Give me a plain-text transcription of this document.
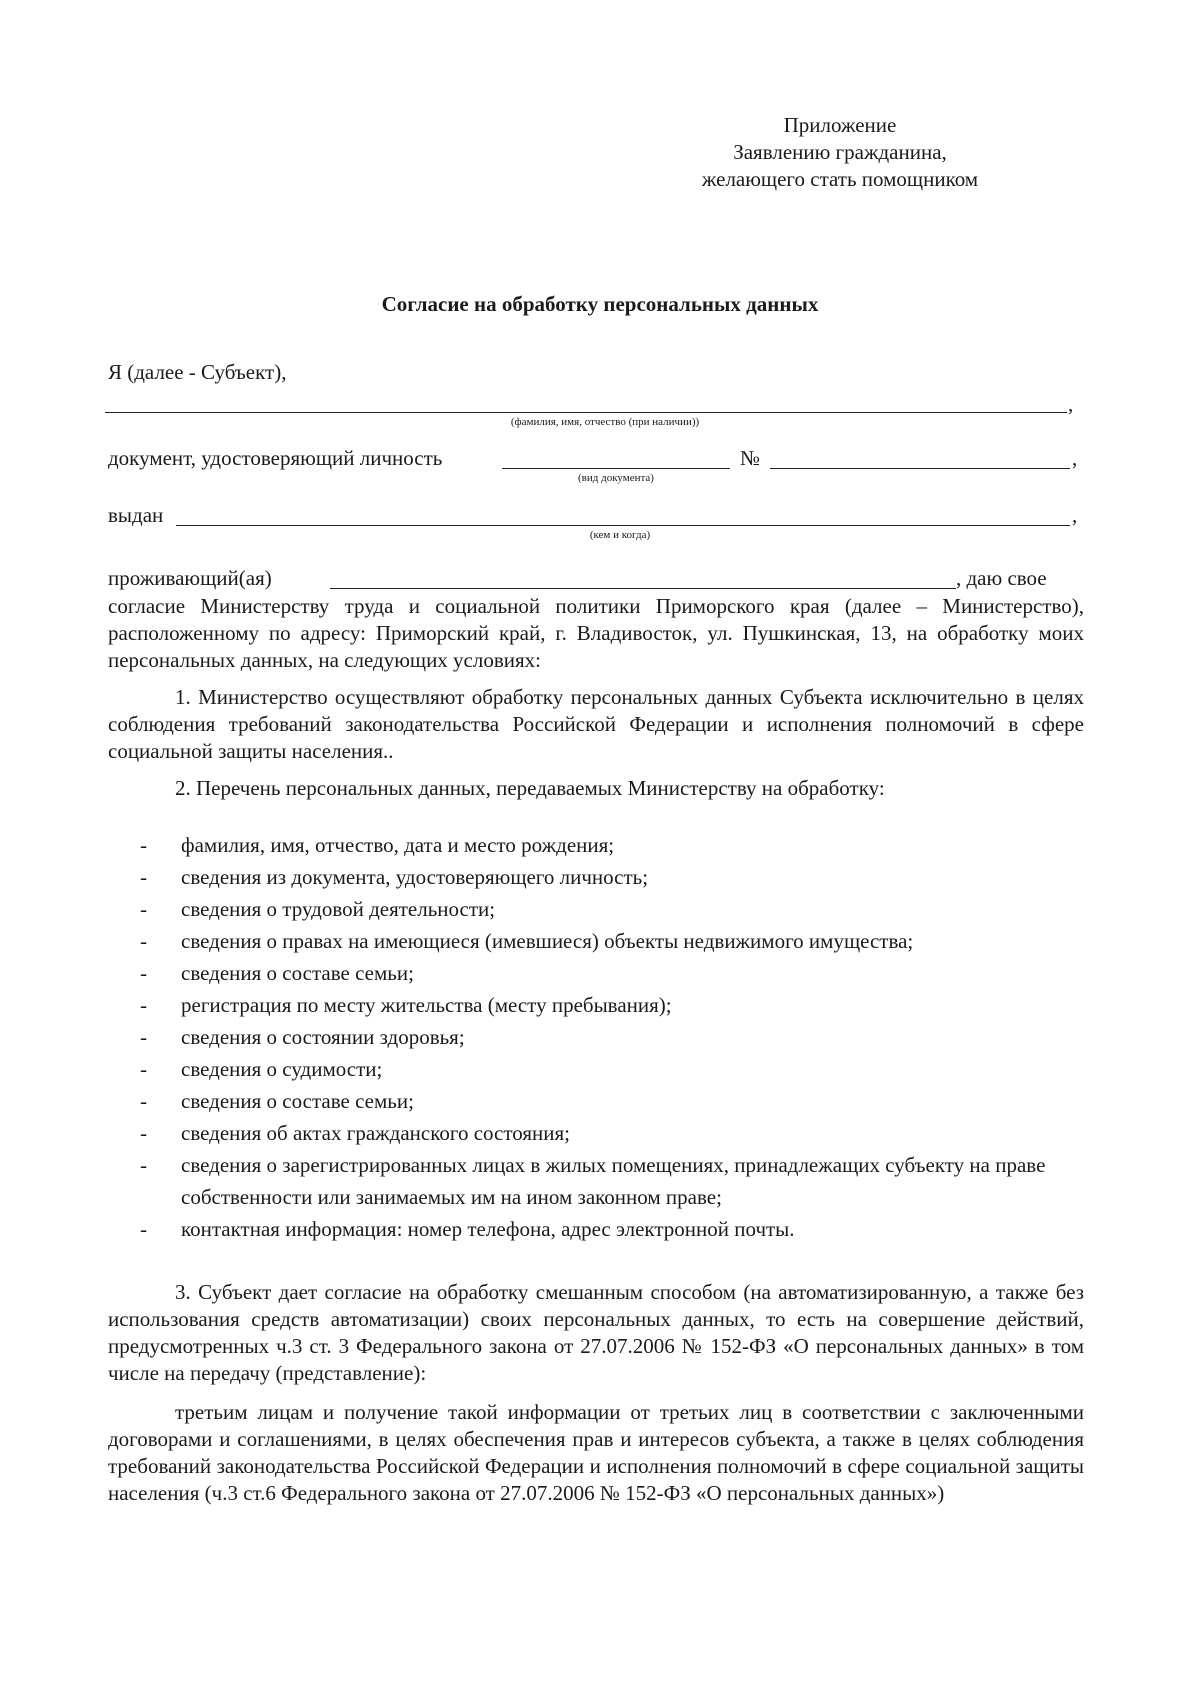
Приложение
Заявлению гражданина,
желающего стать помощником
Согласие на обработку персональных данных
Я (далее - Субъект),
,
(фамилия, имя, отчество (при наличии))
документ, удостоверяющий личность
(вид документа)
№	,
выдан	,
(кем и когда)
проживающий(ая)	, даю свое
согласие Министерству труда и социальной политики Приморского края (далее – Министерство), расположенному по адресу: Приморский край, г. Владивосток, ул. Пушкинская, 13, на обработку моих персональных данных, на следующих условиях:
1. Министерство осуществляют обработку персональных данных Субъекта исключительно в целях соблюдения требований законодательства Российской Федерации и исполнения полномочий в сфере социальной защиты населения..
2. Перечень персональных данных, передаваемых Министерству на обработку:
- фамилия, имя, отчество, дата и место рождения;
- сведения из документа, удостоверяющего личность;
- сведения о трудовой деятельности;
- сведения о правах на имеющиеся (имевшиеся) объекты недвижимого имущества;
- сведения о составе семьи;
- регистрация по месту жительства (месту пребывания);
- сведения о состоянии здоровья;
- сведения о судимости;
- сведения о составе семьи;
- сведения об актах гражданского состояния;
- сведения о зарегистрированных лицах в жилых помещениях, принадлежащих субъекту на праве собственности или занимаемых им на ином законном праве;
- контактная информация: номер телефона, адрес электронной почты.
3. Субъект дает согласие на обработку смешанным способом (на автоматизированную, а также без использования средств автоматизации) своих персональных данных, то есть на совершение действий, предусмотренных ч.3 ст. 3 Федерального закона от 27.07.2006 № 152-ФЗ «О персональных данных» в том числе на передачу (представление):
третьим лицам и получение такой информации от третьих лиц в соответствии с заключенными договорами и соглашениями, в целях обеспечения прав и интересов субъекта, а также в целях соблюдения требований законодательства Российской Федерации и исполнения полномочий в сфере социальной защиты населения (ч.3 ст.6 Федерального закона от 27.07.2006 № 152-ФЗ «О персональных данных»)
